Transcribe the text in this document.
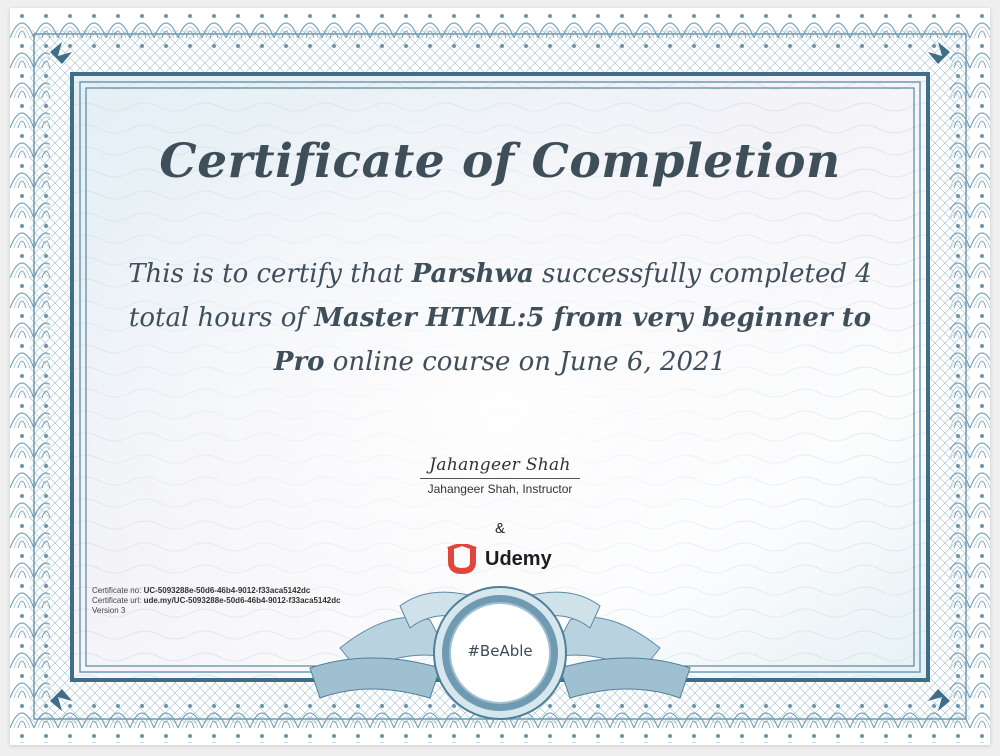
Certificate of Completion
This is to certify that Parshwa successfully completed 4 total hours of Master HTML:5 from very beginner to Pro online course on June 6, 2021
Jahangeer Shah
Jahangeer Shah, Instructor
&
Udemy
Certificate no: UC-5093288e-50d6-46b4-9012-f33aca5142dc
Certificate url: ude.my/UC-5093288e-50d6-46b4-9012-f33aca5142dc
Version 3
#BeAble
